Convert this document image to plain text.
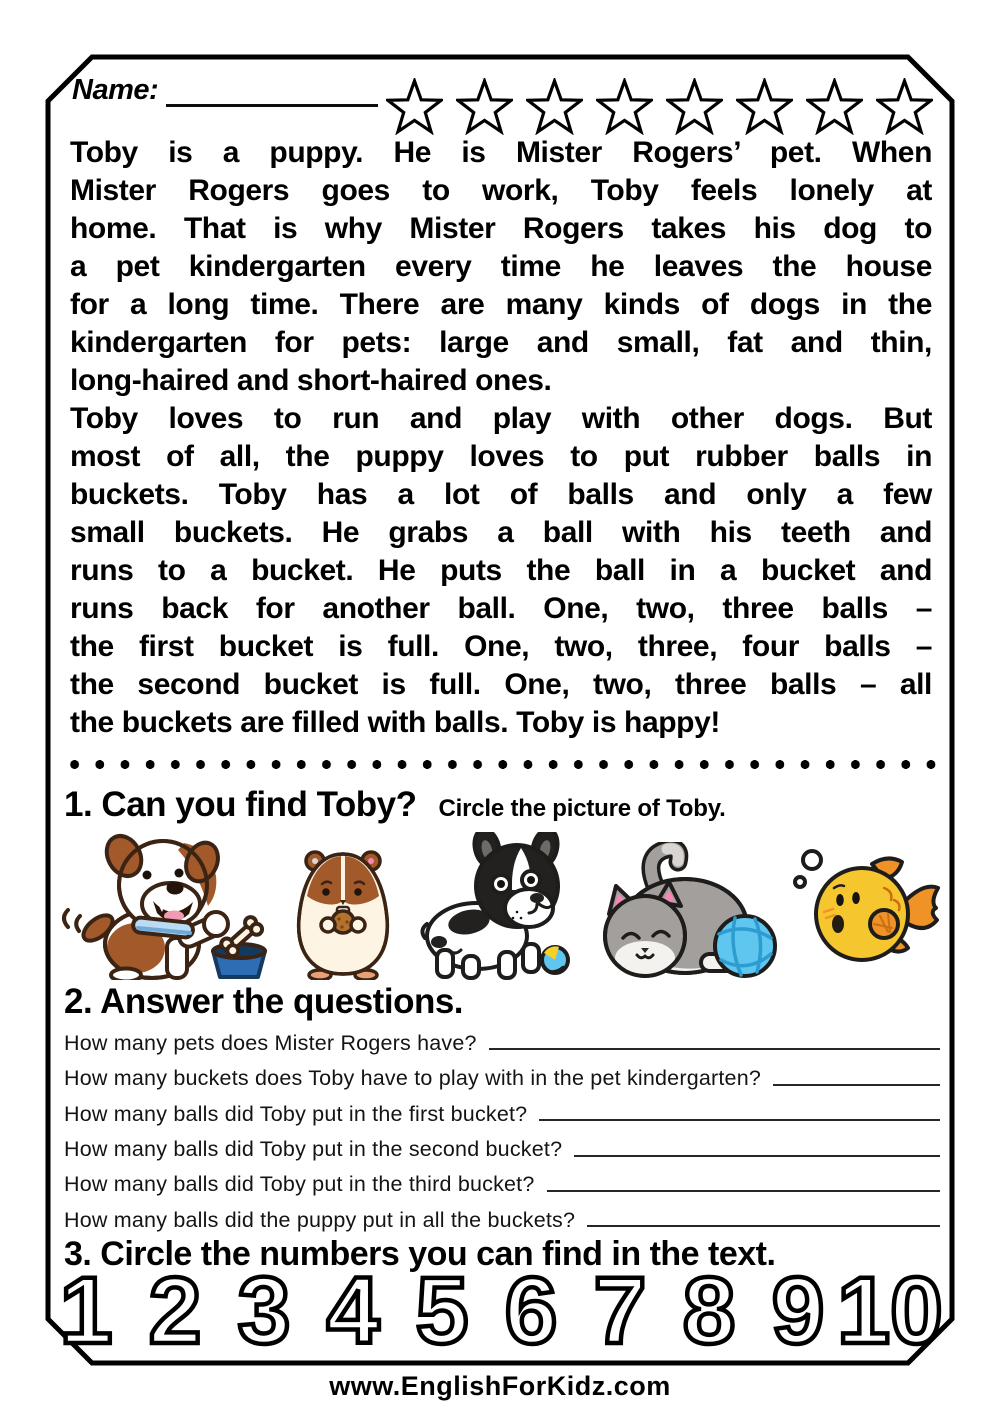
Name:
Toby is a puppy. He is Mister Rogers’ pet. When
Mister Rogers goes to work, Toby feels lonely at
home. That is why Mister Rogers takes his dog to
a pet kindergarten every time he leaves the house
for a long time. There are many kinds of dogs in the
kindergarten for pets: large and small, fat and thin,
long-haired and short-haired ones.
Toby loves to run and play with other dogs. But
most of all, the puppy loves to put rubber balls in
buckets. Toby has a lot of balls and only a few
small buckets. He grabs a ball with his teeth and
runs to a bucket. He puts the ball in a bucket and
runs back for another ball. One, two, three balls –
the first bucket is full. One, two, three, four balls –
the second bucket is full. One, two, three balls – all
the buckets are filled with balls. Toby is happy!
1. Can you find Toby? Circle the picture of Toby.
2. Answer the questions.
How many pets does Mister Rogers have?
How many buckets does Toby have to play with in the pet kindergarten?
How many balls did Toby put in the first bucket?
How many balls did Toby put in the second bucket?
How many balls did Toby put in the third bucket?
How many balls did the puppy put in all the buckets?
3. Circle the numbers you can find in the text.
1 2 3 4 5 6 7 8 9 10
www.EnglishForKidz.com
